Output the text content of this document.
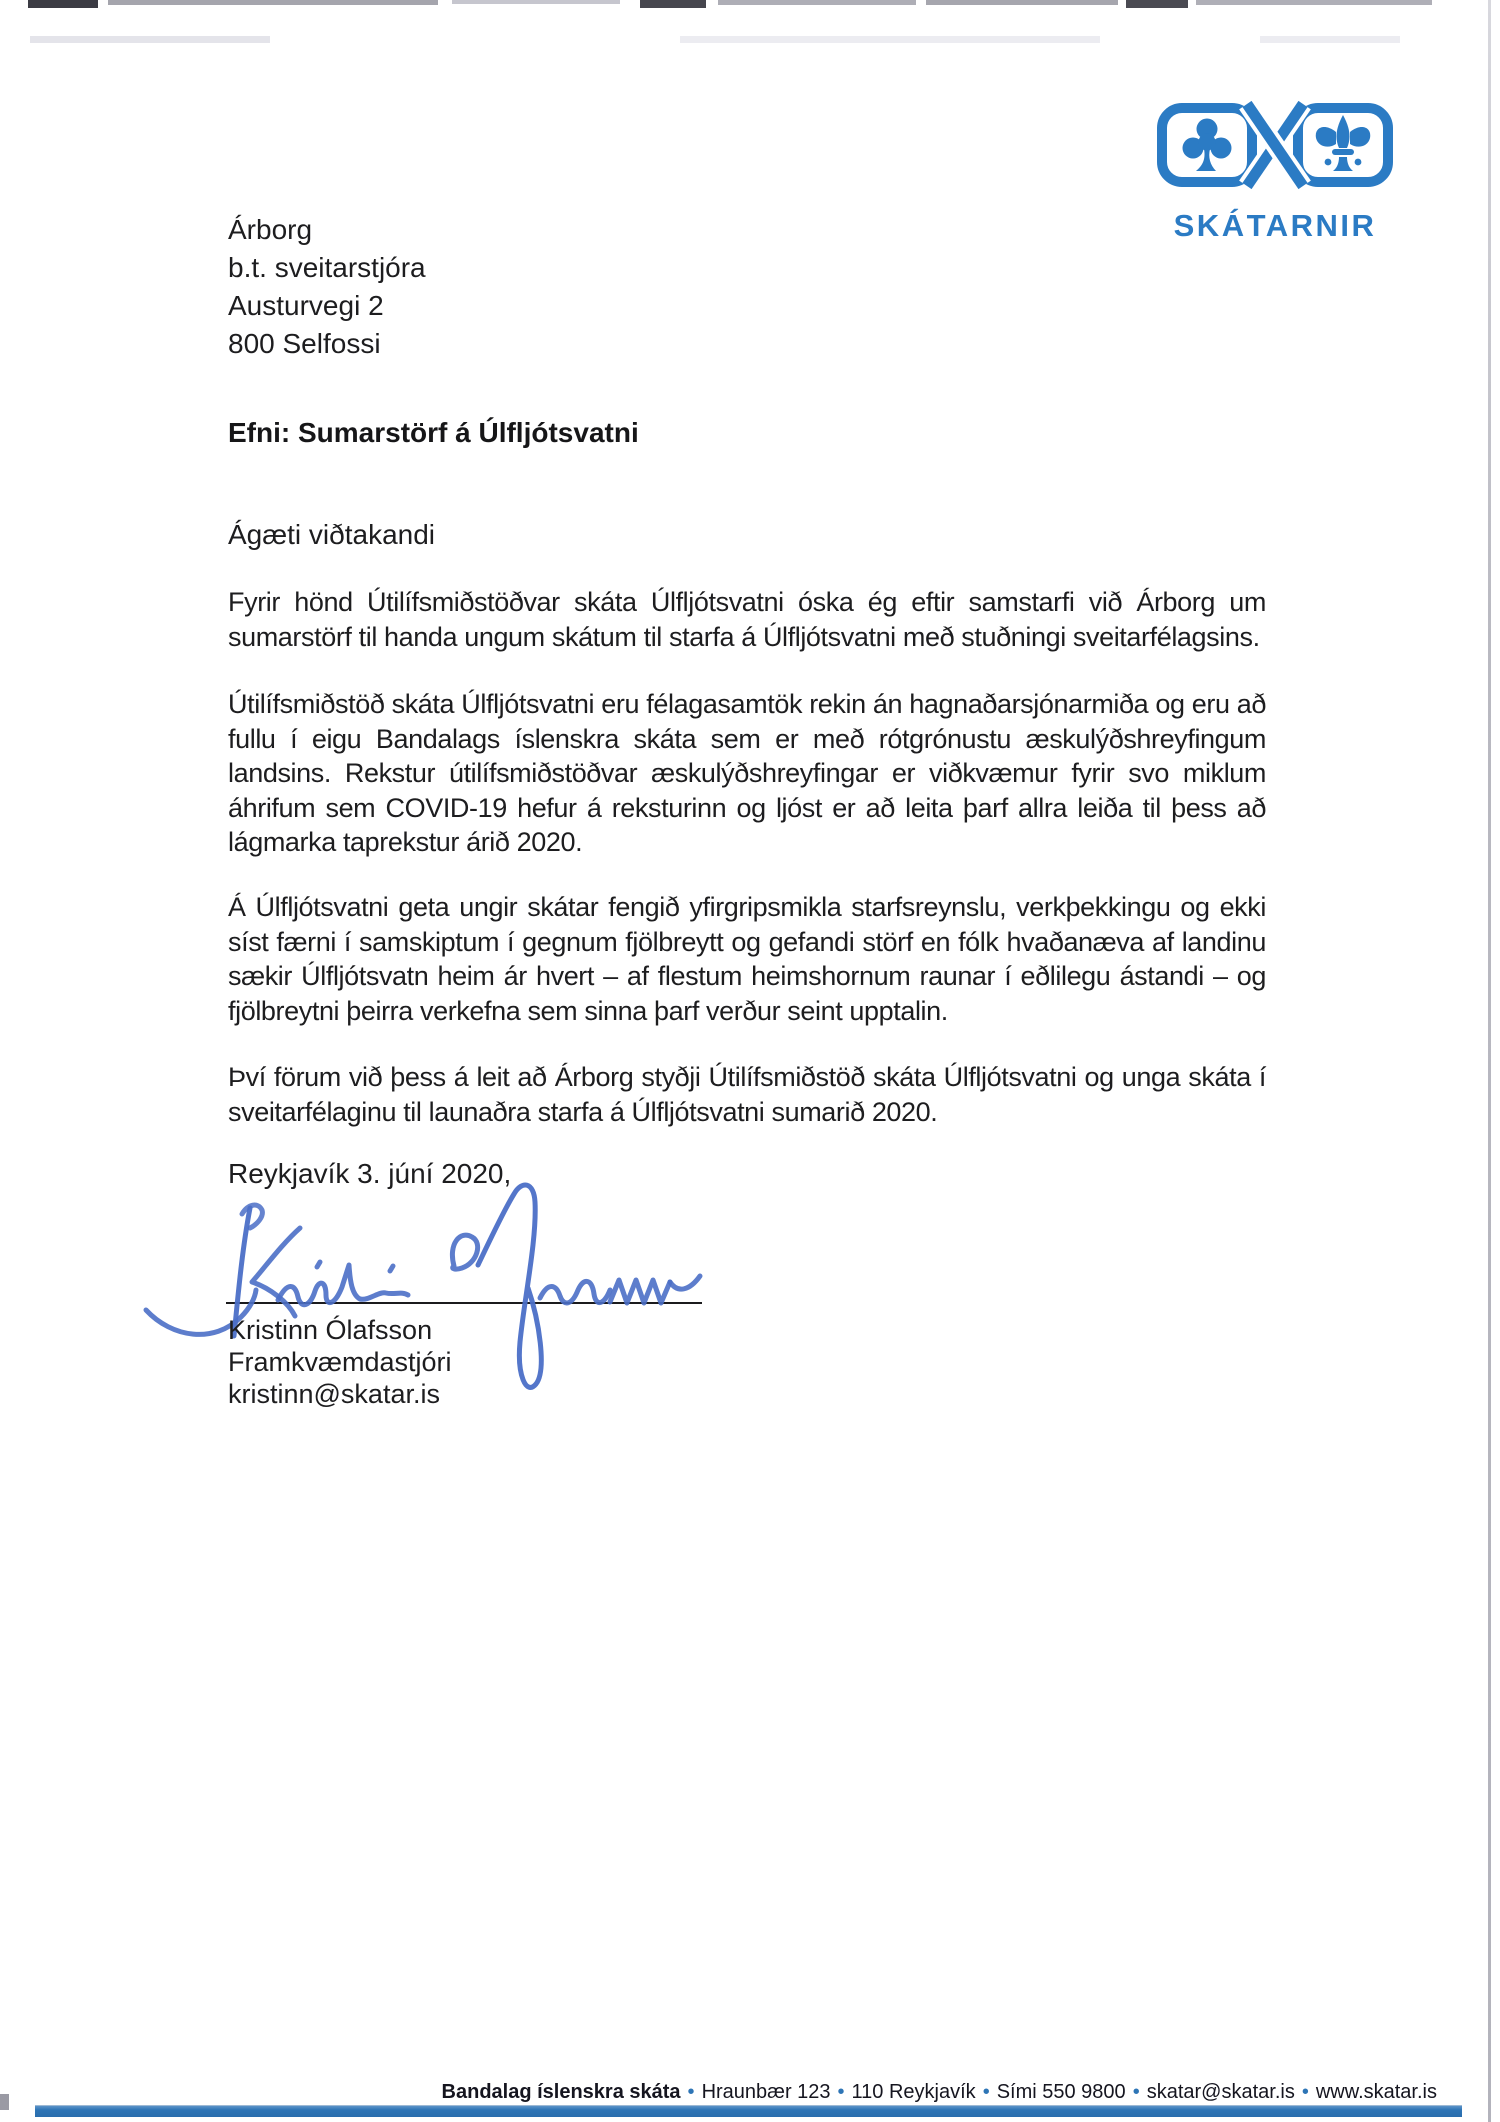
SKÁTARNIR
Árborg
b.t. sveitarstjóra
Austurvegi 2
800 Selfossi
Efni: Sumarstörf á Úlfljótsvatni
Ágæti viðtakandi
Fyrir hönd Útilífsmiðstöðvar skáta Úlfljótsvatni óska ég eftir samstarfi við Árborg um sumarstörf til handa ungum skátum til starfa á Úlfljótsvatni með stuðningi sveitarfélagsins.
Útilífsmiðstöð skáta Úlfljótsvatni eru félagasamtök rekin án hagnaðarsjónarmiða og eru að fullu í eigu Bandalags íslenskra skáta sem er með rótgrónustu æskulýðshreyfingum landsins. Rekstur útilífsmiðstöðvar æskulýðshreyfingar er viðkvæmur fyrir svo miklum áhrifum sem COVID-19 hefur á reksturinn og ljóst er að leita þarf allra leiða til þess að lágmarka taprekstur árið 2020.
Á Úlfljótsvatni geta ungir skátar fengið yfirgripsmikla starfsreynslu, verkþekkingu og ekki síst færni í samskiptum í gegnum fjölbreytt og gefandi störf en fólk hvaðanæva af landinu sækir Úlfljótsvatn heim ár hvert – af flestum heimshornum raunar í eðlilegu ástandi – og fjölbreytni þeirra verkefna sem sinna þarf verður seint upptalin.
Því förum við þess á leit að Árborg styðji Útilífsmiðstöð skáta Úlfljótsvatni og unga skáta í sveitarfélaginu til launaðra starfa á Úlfljótsvatni sumarið 2020.
Reykjavík 3. júní 2020,
Kristinn Ólafsson
Framkvæmdastjóri
kristinn@skatar.is
Bandalag íslenskra skáta • Hraunbær 123 • 110 Reykjavík • Sími 550 9800 • skatar@skatar.is • www.skatar.is
